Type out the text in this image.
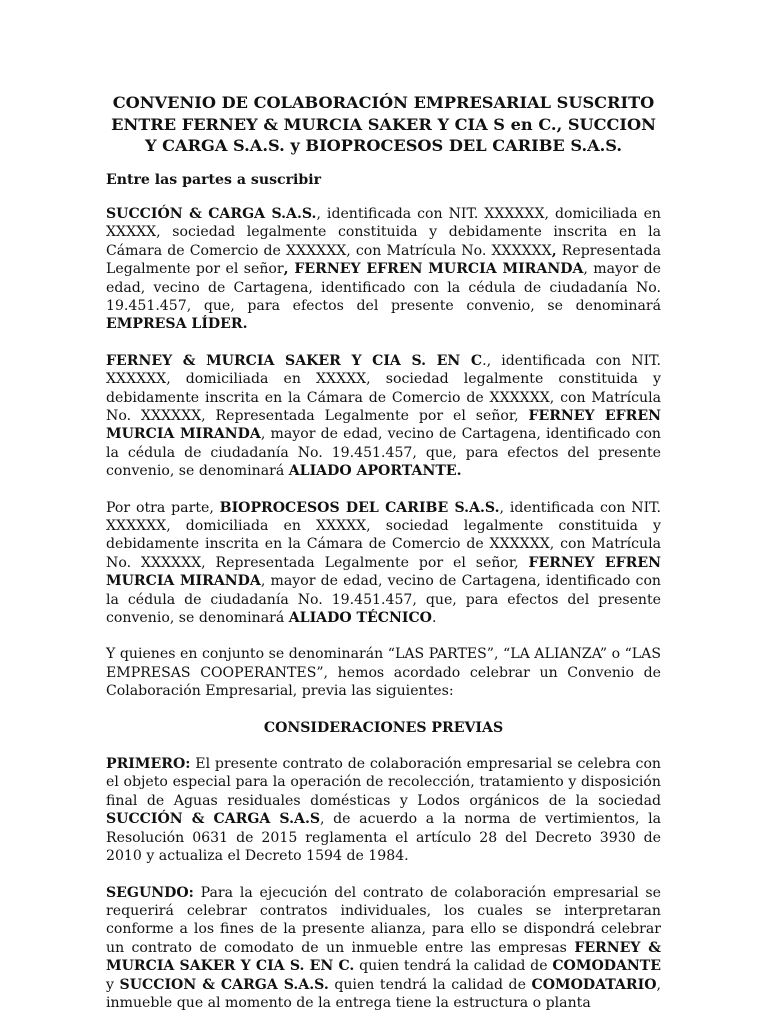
CONVENIO DE COLABORACIÓN EMPRESARIAL SUSCRITO ENTRE FERNEY & MURCIA SAKER Y CIA S en C., SUCCION Y CARGA S.A.S. y BIOPROCESOS DEL CARIBE S.A.S.

Entre las partes a suscribir

SUCCIÓN & CARGA S.A.S., identificada con NIT. XXXXXX, domiciliada en XXXXX, sociedad legalmente constituida y debidamente inscrita en la Cámara de Comercio de XXXXXX, con Matrícula No. XXXXXX, Representada Legalmente por el señor, FERNEY EFREN MURCIA MIRANDA, mayor de edad, vecino de Cartagena, identificado con la cédula de ciudadanía No. 19.451.457, que, para efectos del presente convenio, se denominará EMPRESA LÍDER.

FERNEY & MURCIA SAKER Y CIA S. EN C., identificada con NIT. XXXXXX, domiciliada en XXXXX, sociedad legalmente constituida y debidamente inscrita en la Cámara de Comercio de XXXXXX, con Matrícula No. XXXXXX, Representada Legalmente por el señor, FERNEY EFREN MURCIA MIRANDA, mayor de edad, vecino de Cartagena, identificado con la cédula de ciudadanía No. 19.451.457, que, para efectos del presente convenio, se denominará ALIADO APORTANTE.

Por otra parte, BIOPROCESOS DEL CARIBE S.A.S., identificada con NIT. XXXXXX, domiciliada en XXXXX, sociedad legalmente constituida y debidamente inscrita en la Cámara de Comercio de XXXXXX, con Matrícula No. XXXXXX, Representada Legalmente por el señor, FERNEY EFREN MURCIA MIRANDA, mayor de edad, vecino de Cartagena, identificado con la cédula de ciudadanía No. 19.451.457, que, para efectos del presente convenio, se denominará ALIADO TÉCNICO.

Y quienes en conjunto se denominarán “LAS PARTES”, “LA ALIANZA” o “LAS EMPRESAS COOPERANTES”, hemos acordado celebrar un Convenio de Colaboración Empresarial, previa las siguientes:

CONSIDERACIONES PREVIAS

PRIMERO: El presente contrato de colaboración empresarial se celebra con el objeto especial para la operación de recolección, tratamiento y disposición final de Aguas residuales domésticas y Lodos orgánicos de la sociedad SUCCIÓN & CARGA S.A.S, de acuerdo a la norma de vertimientos, la Resolución 0631 de 2015 reglamenta el artículo 28 del Decreto 3930 de 2010 y actualiza el Decreto 1594 de 1984.

SEGUNDO: Para la ejecución del contrato de colaboración empresarial se requerirá celebrar contratos individuales, los cuales se interpretaran conforme a los fines de la presente alianza, para ello se dispondrá celebrar un contrato de comodato de un inmueble entre las empresas FERNEY & MURCIA SAKER Y CIA S. EN C. quien tendrá la calidad de COMODANTE y SUCCION & CARGA S.A.S. quien tendrá la calidad de COMODATARIO, inmueble que al momento de la entrega tiene la estructura o planta
